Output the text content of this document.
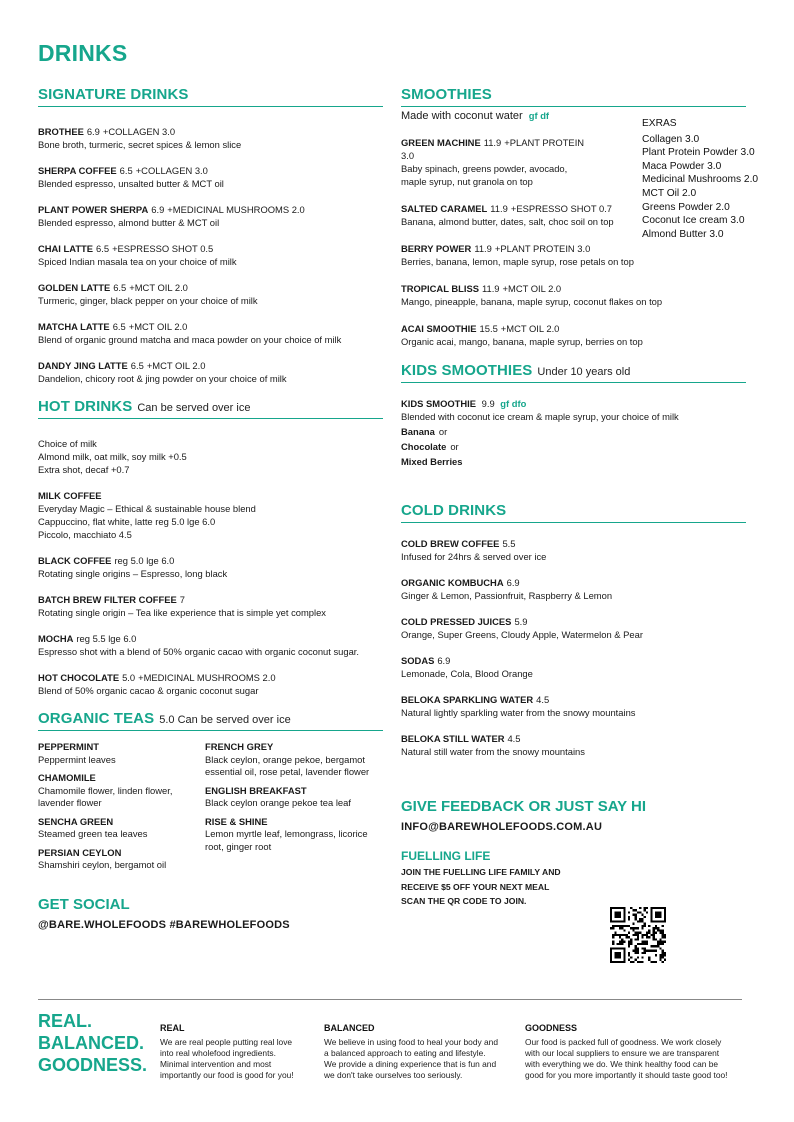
DRINKS
SIGNATURE DRINKS
BROTHEE 6.9 +COLLAGEN 3.0
Bone broth, turmeric, secret spices & lemon slice
SHERPA COFFEE 6.5 +COLLAGEN 3.0
Blended espresso, unsalted butter & MCT oil
PLANT POWER SHERPA 6.9 +MEDICINAL MUSHROOMS 2.0
Blended espresso, almond butter & MCT oil
CHAI LATTE 6.5 +ESPRESSO SHOT 0.5
Spiced Indian masala tea on your choice of milk
GOLDEN LATTE 6.5 +MCT OIL 2.0
Turmeric, ginger, black pepper on your choice of milk
MATCHA LATTE 6.5 +MCT OIL 2.0
Blend of organic ground matcha and maca powder on your choice of milk
DANDY JING LATTE 6.5 +MCT OIL 2.0
Dandelion, chicory root & jing powder on your choice of milk
HOT DRINKS Can be served over ice
Choice of milk
Almond milk, oat milk, soy milk +0.5
Extra shot, decaf +0.7
MILK COFFEE
Everyday Magic – Ethical & sustainable house blend
Cappuccino, flat white, latte reg 5.0 lge 6.0
Piccolo, macchiato 4.5
BLACK COFFEE reg 5.0 lge 6.0
Rotating single origins – Espresso, long black
BATCH BREW FILTER COFFEE 7
Rotating single origin – Tea like experience that is simple yet complex
MOCHA reg 5.5 lge 6.0
Espresso shot with a blend of 50% organic cacao with organic coconut sugar.
HOT CHOCOLATE 5.0 +MEDICINAL MUSHROOMS 2.0
Blend of 50% organic cacao & organic coconut sugar
ORGANIC TEAS 5.0 Can be served over ice
PEPPERMINT
Peppermint leaves
CHAMOMILE
Chamomile flower, linden flower, lavender flower
SENCHA GREEN
Steamed green tea leaves
PERSIAN CEYLON
Shamshiri ceylon, bergamot oil
FRENCH GREY
Black ceylon, orange pekoe, bergamot essential oil, rose petal, lavender flower
ENGLISH BREAKFAST
Black ceylon orange pekoe tea leaf
RISE & SHINE
Lemon myrtle leaf, lemongrass, licorice root, ginger root
GET SOCIAL
@BARE.WHOLEFOODS #BAREWHOLEFOODS
SMOOTHIES
Made with coconut water gf df
GREEN MACHINE 11.9 +PLANT PROTEIN 3.0
Baby spinach, greens powder, avocado, maple syrup, nut granola on top
SALTED CARAMEL 11.9 +ESPRESSO SHOT 0.7
Banana, almond butter, dates, salt, choc soil on top
BERRY POWER 11.9 +PLANT PROTEIN 3.0
Berries, banana, lemon, maple syrup, rose petals on top
TROPICAL BLISS 11.9 +MCT OIL 2.0
Mango, pineapple, banana, maple syrup, coconut flakes on top
ACAI SMOOTHIE 15.5 +MCT OIL 2.0
Organic acai, mango, banana, maple syrup, berries on top
KIDS SMOOTHIES Under 10 years old
KIDS SMOOTHIE 9.9 gf dfo
Blended with coconut ice cream & maple syrup, your choice of milk
Banana or
Chocolate or
Mixed Berries
COLD DRINKS
COLD BREW COFFEE 5.5
Infused for 24hrs & served over ice
ORGANIC KOMBUCHA 6.9
Ginger & Lemon, Passionfruit, Raspberry & Lemon
COLD PRESSED JUICES 5.9
Orange, Super Greens, Cloudy Apple, Watermelon & Pear
SODAS 6.9
Lemonade, Cola, Blood Orange
BELOKA SPARKLING WATER 4.5
Natural lightly sparkling water from the snowy mountains
BELOKA STILL WATER 4.5
Natural still water from the snowy mountains
GIVE FEEDBACK OR JUST SAY HI
INFO@BAREWHOLEFOODS.COM.AU
FUELLING LIFE
JOIN THE FUELLING LIFE FAMILY AND
RECEIVE $5 OFF YOUR NEXT MEAL
SCAN THE QR CODE TO JOIN.
EXRAS
Collagen 3.0
Plant Protein Powder 3.0
Maca Powder 3.0
Medicinal Mushrooms 2.0
MCT Oil 2.0
Greens Powder 2.0
Coconut Ice cream 3.0
Almond Butter 3.0
REAL.
BALANCED.
GOODNESS.
REAL
We are real people putting real love
into real wholefood ingredients.
Minimal intervention and most
importantly our food is good for you!
BALANCED
We believe in using food to heal your body and
a balanced approach to eating and lifestyle.
We provide a dining experience that is fun and
we don't take ourselves too seriously.
GOODNESS
Our food is packed full of goodness. We work closely
with our local suppliers to ensure we are transparent
with everything we do. We think healthy food can be
good for you more importantly it should taste good too!
